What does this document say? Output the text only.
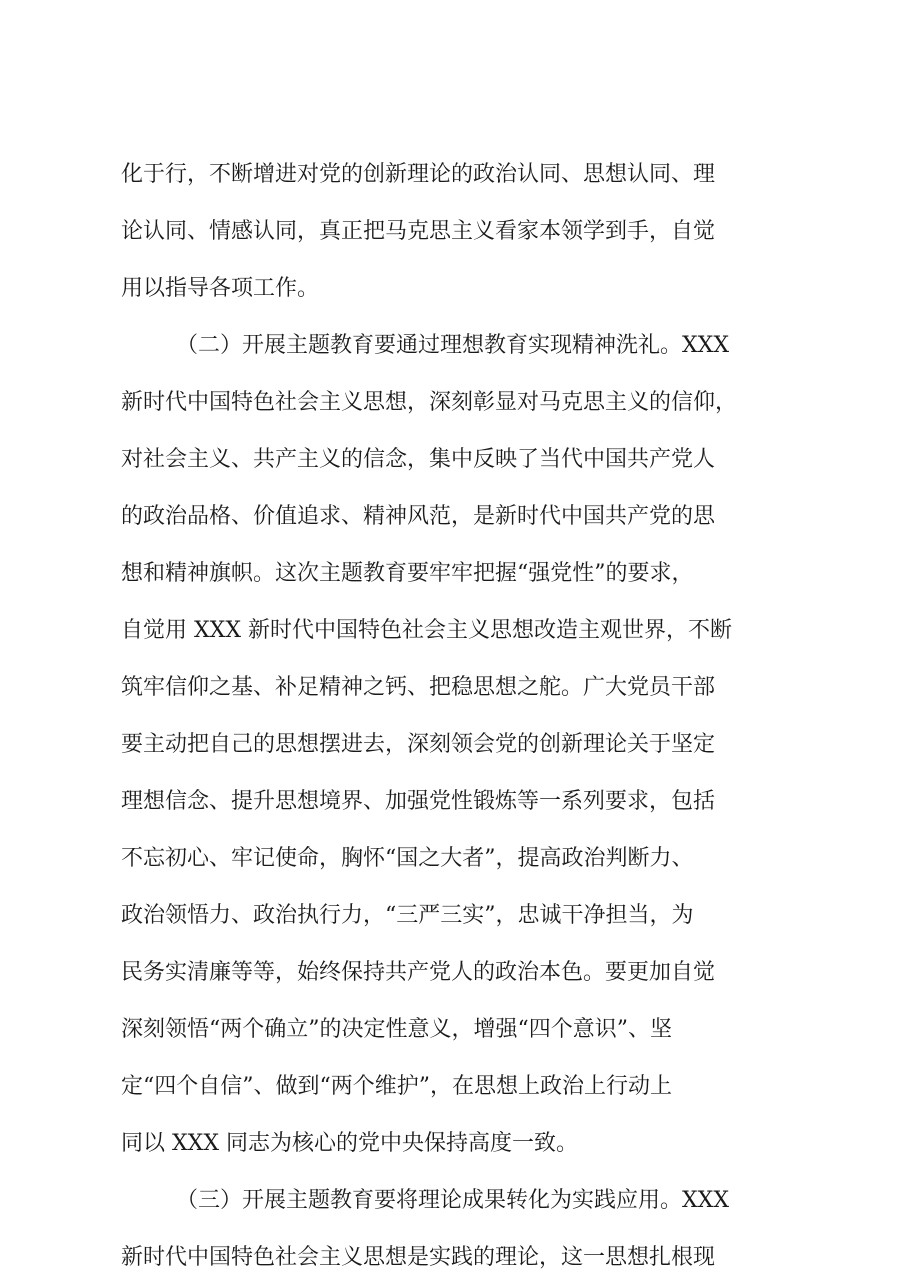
化于行，不断增进对党的创新理论的政治认同、思想认同、理
论认同、情感认同，真正把马克思主义看家本领学到手，自觉
用以指导各项工作。
（二）开展主题教育要通过理想教育实现精神洗礼。XXX
新时代中国特色社会主义思想，深刻彰显对马克思主义的信仰，
对社会主义、共产主义的信念，集中反映了当代中国共产党人
的政治品格、价值追求、精神风范，是新时代中国共产党的思
想和精神旗帜。这次主题教育要牢牢把握“强党性”的要求，
自觉用 XXX 新时代中国特色社会主义思想改造主观世界，不断
筑牢信仰之基、补足精神之钙、把稳思想之舵。广大党员干部
要主动把自己的思想摆进去，深刻领会党的创新理论关于坚定
理想信念、提升思想境界、加强党性锻炼等一系列要求，包括
不忘初心、牢记使命，胸怀“国之大者”，提高政治判断力、
政治领悟力、政治执行力，“三严三实”，忠诚干净担当，为
民务实清廉等等，始终保持共产党人的政治本色。要更加自觉
深刻领悟“两个确立”的决定性意义，增强“四个意识”、坚
定“四个自信”、做到“两个维护”，在思想上政治上行动上
同以 XXX 同志为核心的党中央保持高度一致。
（三）开展主题教育要将理论成果转化为实践应用。XXX
新时代中国特色社会主义思想是实践的理论，这一思想扎根现
